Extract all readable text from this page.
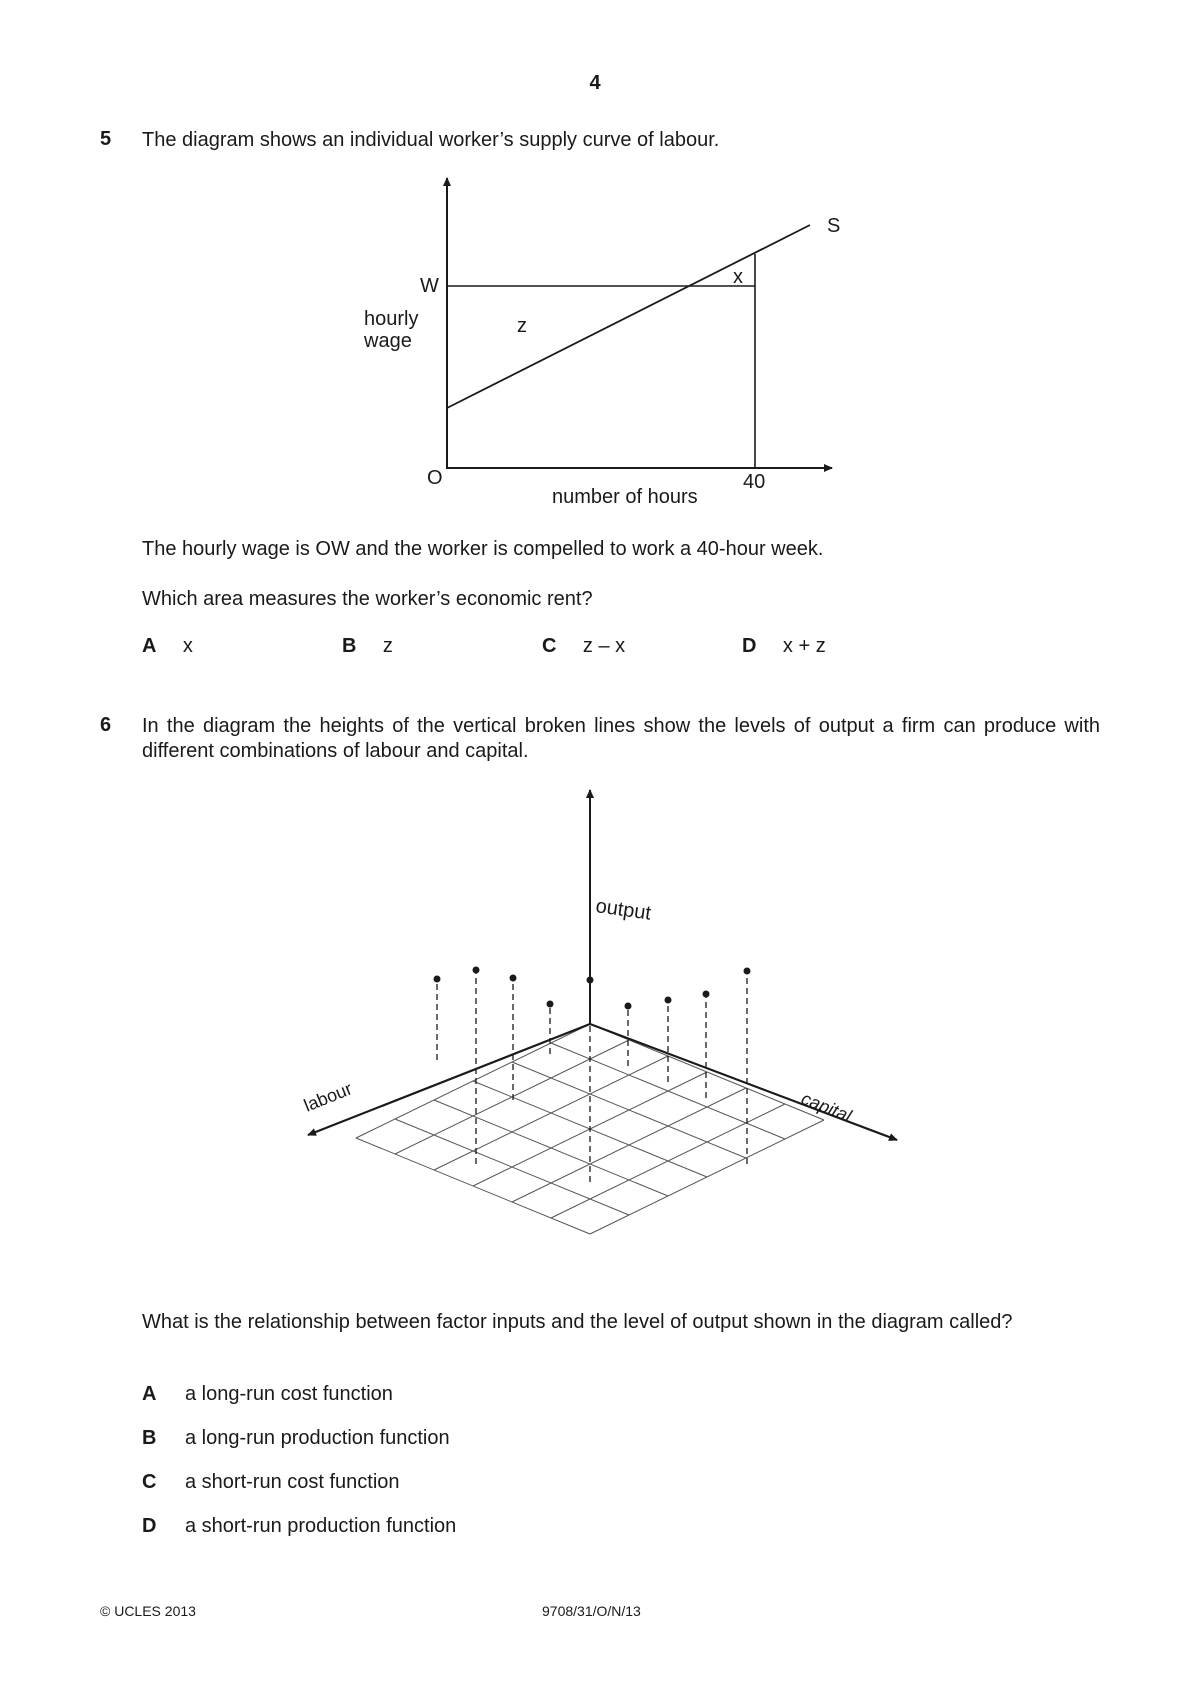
4
5 The diagram shows an individual worker’s supply curve of labour.
S
W
hourly
wage
z
x
O	40
number of hours
The hourly wage is OW and the worker is compelled to work a 40-hour week.
Which area measures the worker’s economic rent?
A x	B z	C z – x	D x + z
6 In the diagram the heights of the vertical broken lines show the levels of output a firm can produce with different combinations of labour and capital.
output
labour	capital
What is the relationship between factor inputs and the level of output shown in the diagram called?
A a long-run cost function
B a long-run production function
C a short-run cost function
D a short-run production function
© UCLES 2013	9708/31/O/N/13
